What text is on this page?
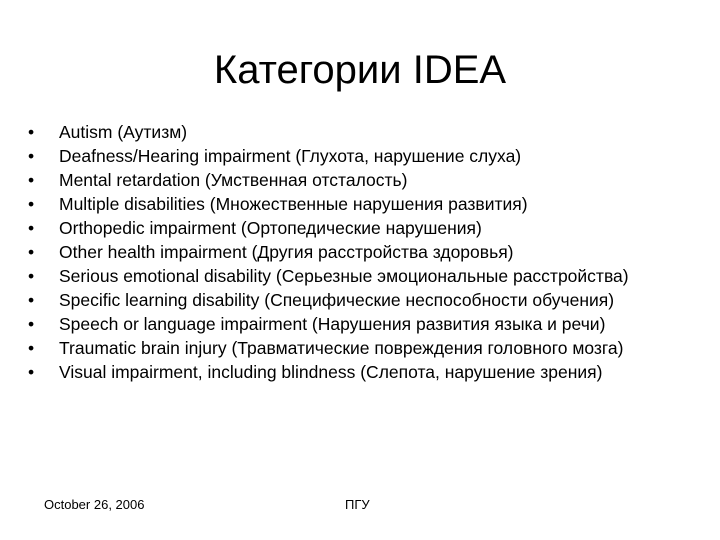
Категории IDEA
• Autism (Аутизм)
• Deafness/Hearing impairment (Глухота, нарушение слуха)
• Mental retardation (Умственная отсталость)
• Multiple disabilities (Множественные нарушения развития)
• Orthopedic impairment (Ортопедические нарушения)
• Other health impairment (Другия расстройства здоровья)
• Serious emotional disability (Серьезные эмоциональные расстройства)
• Specific learning disability (Специфические неспособности обучения)
• Speech or language impairment (Нарушения развития языка и речи)
• Traumatic brain injury (Травматические повреждения головного мозга)
• Visual impairment, including blindness (Слепота, нарушение зрения)
October 26, 2006	ПГУ
